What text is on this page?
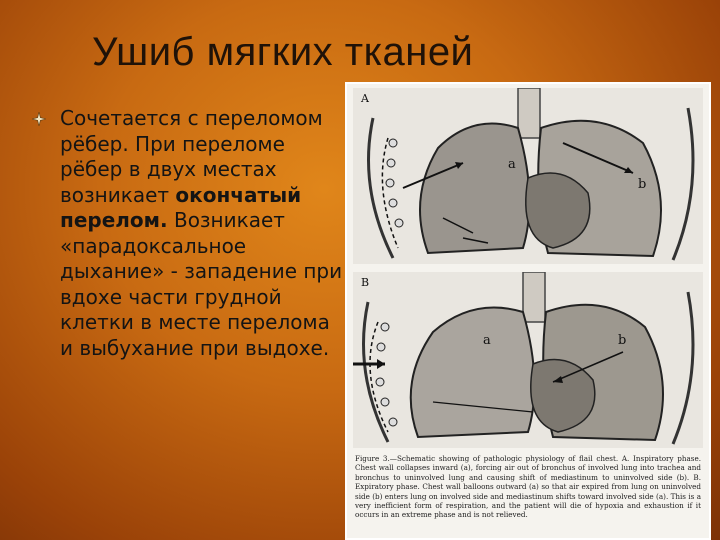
Ушиб мягких тканей
Сочетается с переломом рёбер. При переломе рёбер в двух местах возникает окончатый перелом. Возникает «парадоксальное дыхание» - западение при вдохе части грудной клетки в месте перелома и выбухание при выдохе.
A
a
b
B
a	b
Figure 3.—Schematic showing of pathologic physiology of flail chest. A. Inspiratory phase. Chest wall collapses inward (a), forcing air out of bronchus of involved lung into trachea and bronchus to uninvolved lung and causing shift of mediastinum to uninvolved side (b). B. Expiratory phase. Chest wall balloons outward (a) so that air expired from lung on uninvolved side (b) enters lung on involved side and mediastinum shifts toward involved side (a). This is a very inefficient form of respiration, and the patient will die of hypoxia and exhaustion if it occurs in an extreme phase and is not relieved.
